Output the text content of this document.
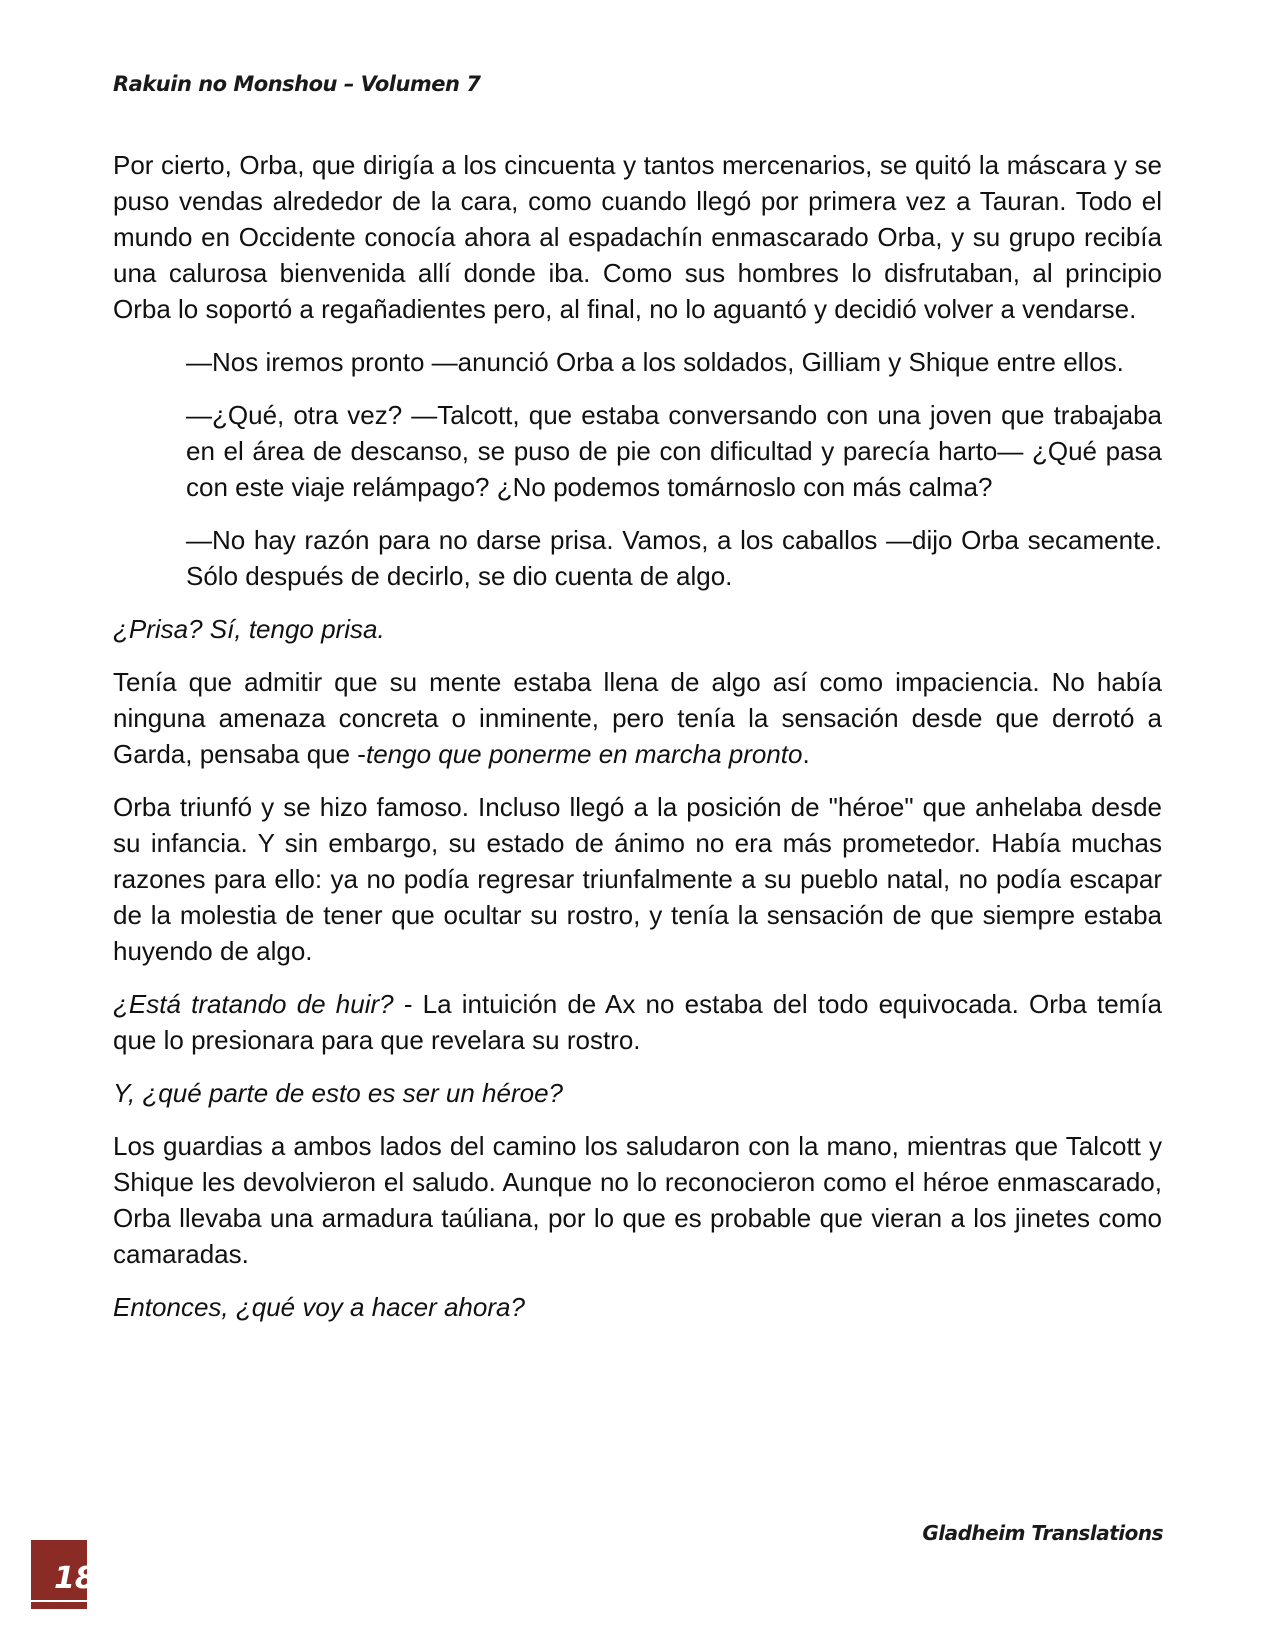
Rakuin no Monshou – Volumen 7

Por cierto, Orba, que dirigía a los cincuenta y tantos mercenarios, se quitó la máscara y se puso vendas alrededor de la cara, como cuando llegó por primera vez a Tauran. Todo el mundo en Occidente conocía ahora al espadachín enmascarado Orba, y su grupo recibía una calurosa bienvenida allí donde iba. Como sus hombres lo disfrutaban, al principio Orba lo soportó a regañadientes pero, al final, no lo aguantó y decidió volver a vendarse.

—Nos iremos pronto —anunció Orba a los soldados, Gilliam y Shique entre ellos.

—¿Qué, otra vez? —Talcott, que estaba conversando con una joven que trabajaba en el área de descanso, se puso de pie con dificultad y parecía harto— ¿Qué pasa con este viaje relámpago? ¿No podemos tomárnoslo con más calma?

—No hay razón para no darse prisa. Vamos, a los caballos —dijo Orba secamente. Sólo después de decirlo, se dio cuenta de algo.

¿Prisa? Sí, tengo prisa.

Tenía que admitir que su mente estaba llena de algo así como impaciencia. No había ninguna amenaza concreta o inminente, pero tenía la sensación desde que derrotó a Garda, pensaba que -tengo que ponerme en marcha pronto.

Orba triunfó y se hizo famoso. Incluso llegó a la posición de "héroe" que anhelaba desde su infancia. Y sin embargo, su estado de ánimo no era más prometedor. Había muchas razones para ello: ya no podía regresar triunfalmente a su pueblo natal, no podía escapar de la molestia de tener que ocultar su rostro, y tenía la sensación de que siempre estaba huyendo de algo.

¿Está tratando de huir? - La intuición de Ax no estaba del todo equivocada. Orba temía que lo presionara para que revelara su rostro.

Y, ¿qué parte de esto es ser un héroe?

Los guardias a ambos lados del camino los saludaron con la mano, mientras que Talcott y Shique les devolvieron el saludo. Aunque no lo reconocieron como el héroe enmascarado, Orba llevaba una armadura taúliana, por lo que es probable que vieran a los jinetes como camaradas.

Entonces, ¿qué voy a hacer ahora?

Gladheim Translations
18
